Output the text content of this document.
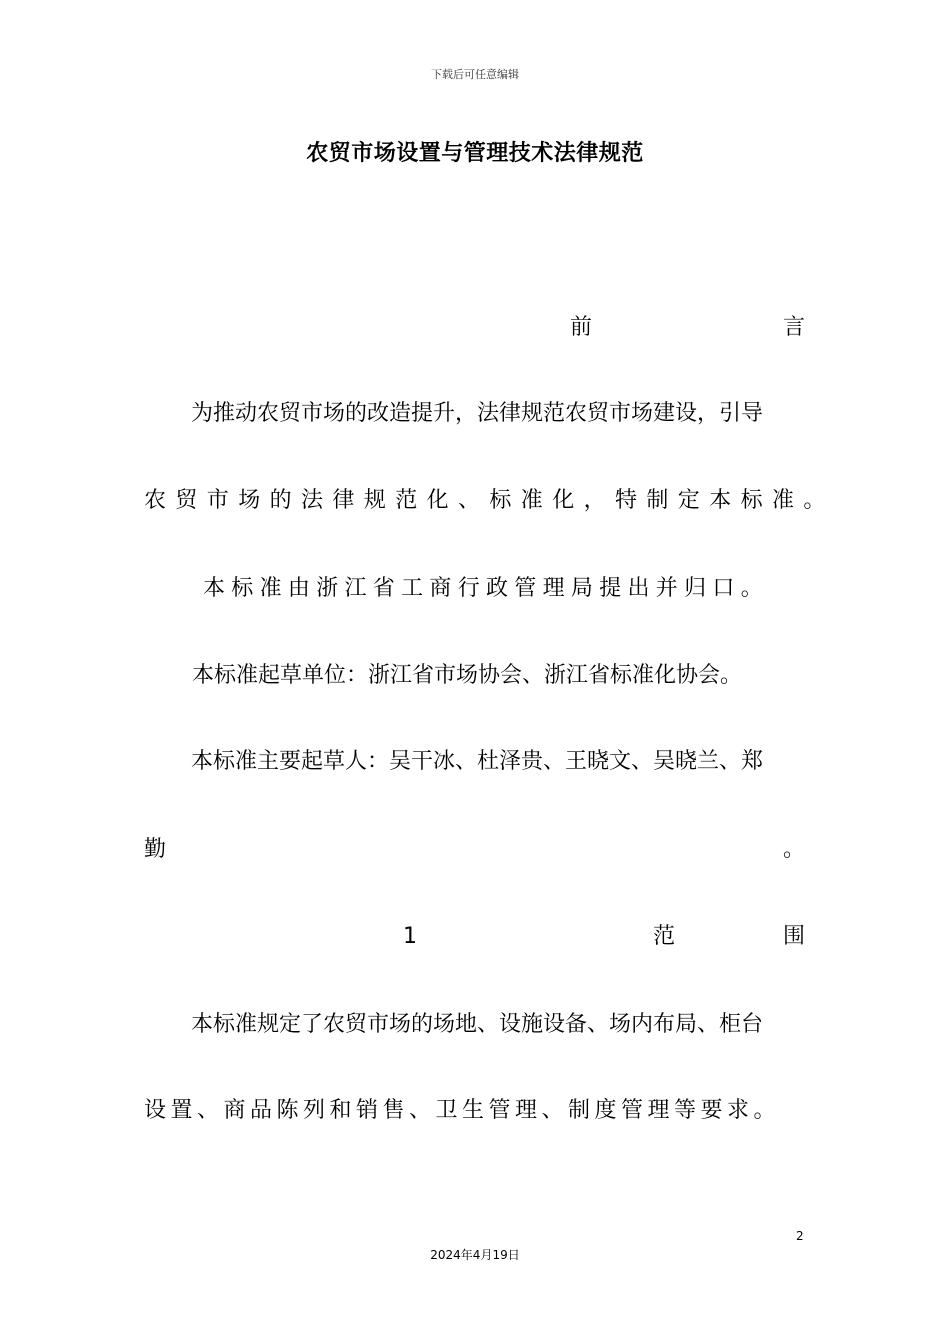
下载后可任意编辑
农贸市场设置与管理技术法律规范
前	言
为推动农贸市场的改造提升，法律规范农贸市场建设，引导
农贸市场的法律规范化、标准化，特制定本标准。
本标准由浙江省工商行政管理局提出并归口。
本标准起草单位：浙江省市场协会、浙江省标准化协会。
本标准主要起草人：吴干冰、杜泽贵、王晓文、吴晓兰、郑
勤	。
1	范	围
本标准规定了农贸市场的场地、设施设备、场内布局、柜台
设置、商品陈列和销售、卫生管理、制度管理等要求。
2
2024年4月19日
